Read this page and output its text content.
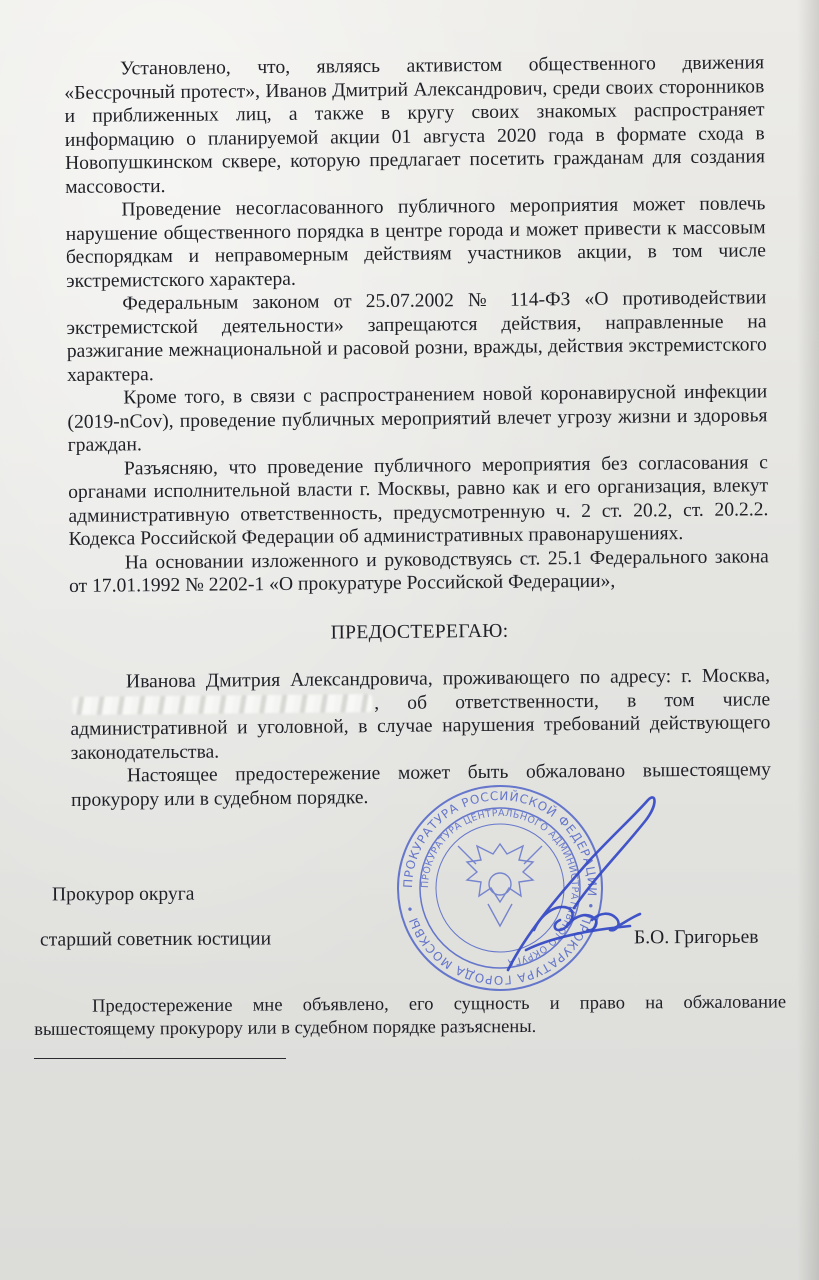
Установлено, что, являясь активистом общественного движения «Бессрочный протест», Иванов Дмитрий Александрович, среди своих сторонников и приближенных лиц, а также в кругу своих знакомых распространяет информацию о планируемой акции 01 августа 2020 года в формате схода в Новопушкинском сквере, которую предлагает посетить гражданам для создания массовости.

Проведение несогласованного публичного мероприятия может повлечь нарушение общественного порядка в центре города и может привести к массовым беспорядкам и неправомерным действиям участников акции, в том числе экстремистского характера.

Федеральным законом от 25.07.2002 № 114-ФЗ «О противодействии экстремистской деятельности» запрещаются действия, направленные на разжигание межнациональной и расовой розни, вражды, действия экстремистского характера.

Кроме того, в связи с распространением новой коронавирусной инфекции (2019-nCov), проведение публичных мероприятий влечет угрозу жизни и здоровья граждан.

Разъясняю, что проведение публичного мероприятия без согласования с органами исполнительной власти г. Москвы, равно как и его организация, влекут административную ответственность, предусмотренную ч. 2 ст. 20.2, ст. 20.2.2. Кодекса Российской Федерации об административных правонарушениях.

На основании изложенного и руководствуясь ст. 25.1 Федерального закона от 17.01.1992 № 2202-1 «О прокуратуре Российской Федерации»,

ПРЕДОСТЕРЕГАЮ:

Иванова Дмитрия Александровича, проживающего по адресу: г. Москва,, об ответственности, в том числе административной и уголовной, в случае нарушения требований действующего законодательства.

Настоящее предостережение может быть обжаловано вышестоящему прокурору или в судебном порядке.

Прокурор округа
старший советник юстиции	Б.О. Григорьев
ПРОКУРАТУРА РОССИЙСКОЙ ФЕДЕРАЦИИ • ПРОКУРАТУРА ГОРОДА МОСКВЫ •
ПРОКУРАТУРА ЦЕНТРАЛЬНОГО АДМИНИСТРАТИВНОГО ОКРУГА
Предостережение мне объявлено, его сущность и право на обжалование вышестоящему прокурору или в судебном порядке разъяснены.
